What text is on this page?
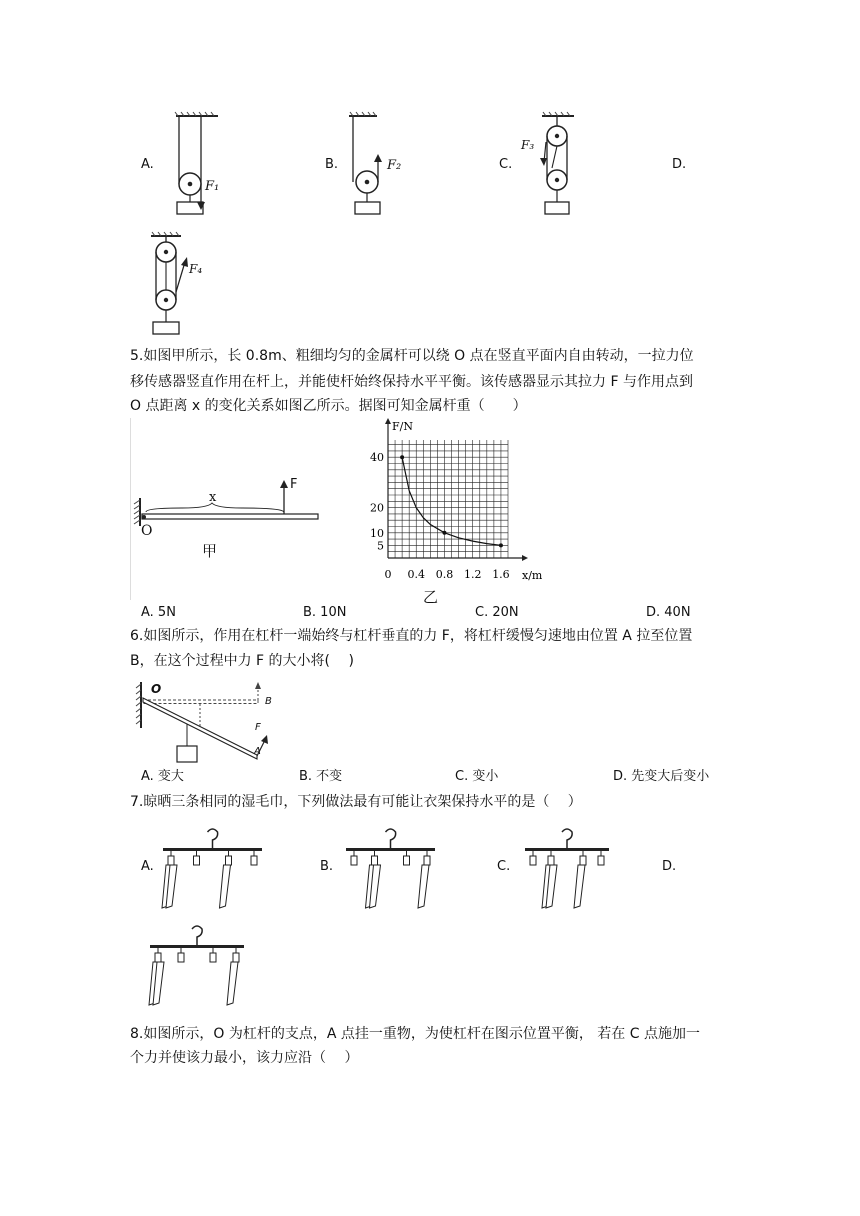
A.	B.	C.	D.
F₁
F₂
F₃
F₄
5.如图甲所示，长 0.8m、粗细均匀的金属杆可以绕 O 点在竖直平面内自由转动，一拉力位
移传感器竖直作用在杆上，并能使杆始终保持水平平衡。该传感器显示其拉力 F 与作用点到
O 点距离 x 的变化关系如图乙所示。据图可知金属杆重（　　）
O
x
F
甲
F/N
x/m
0 0.4 0.8 1.2 1.6
5
10
20
40
乙
A. 5N	B. 10N	C. 20N	D. 40N
6.如图所示，作用在杠杆一端始终与杠杆垂直的力 F，将杠杆缓慢匀速地由位置 A 拉至位置
B，在这个过程中力 F 的大小将(　 )
O
B
A
F
A. 变大	B. 不变	C. 变小	D. 先变大后变小
7.晾晒三条相同的湿毛巾，下列做法最有可能让衣架保持水平的是（　 ）
A.	B.	C.	D.
8.如图所示，O 为杠杆的支点，A 点挂一重物，为使杠杆在图示位置平衡， 若在 C 点施加一
个力并使该力最小，该力应沿（　 ）
